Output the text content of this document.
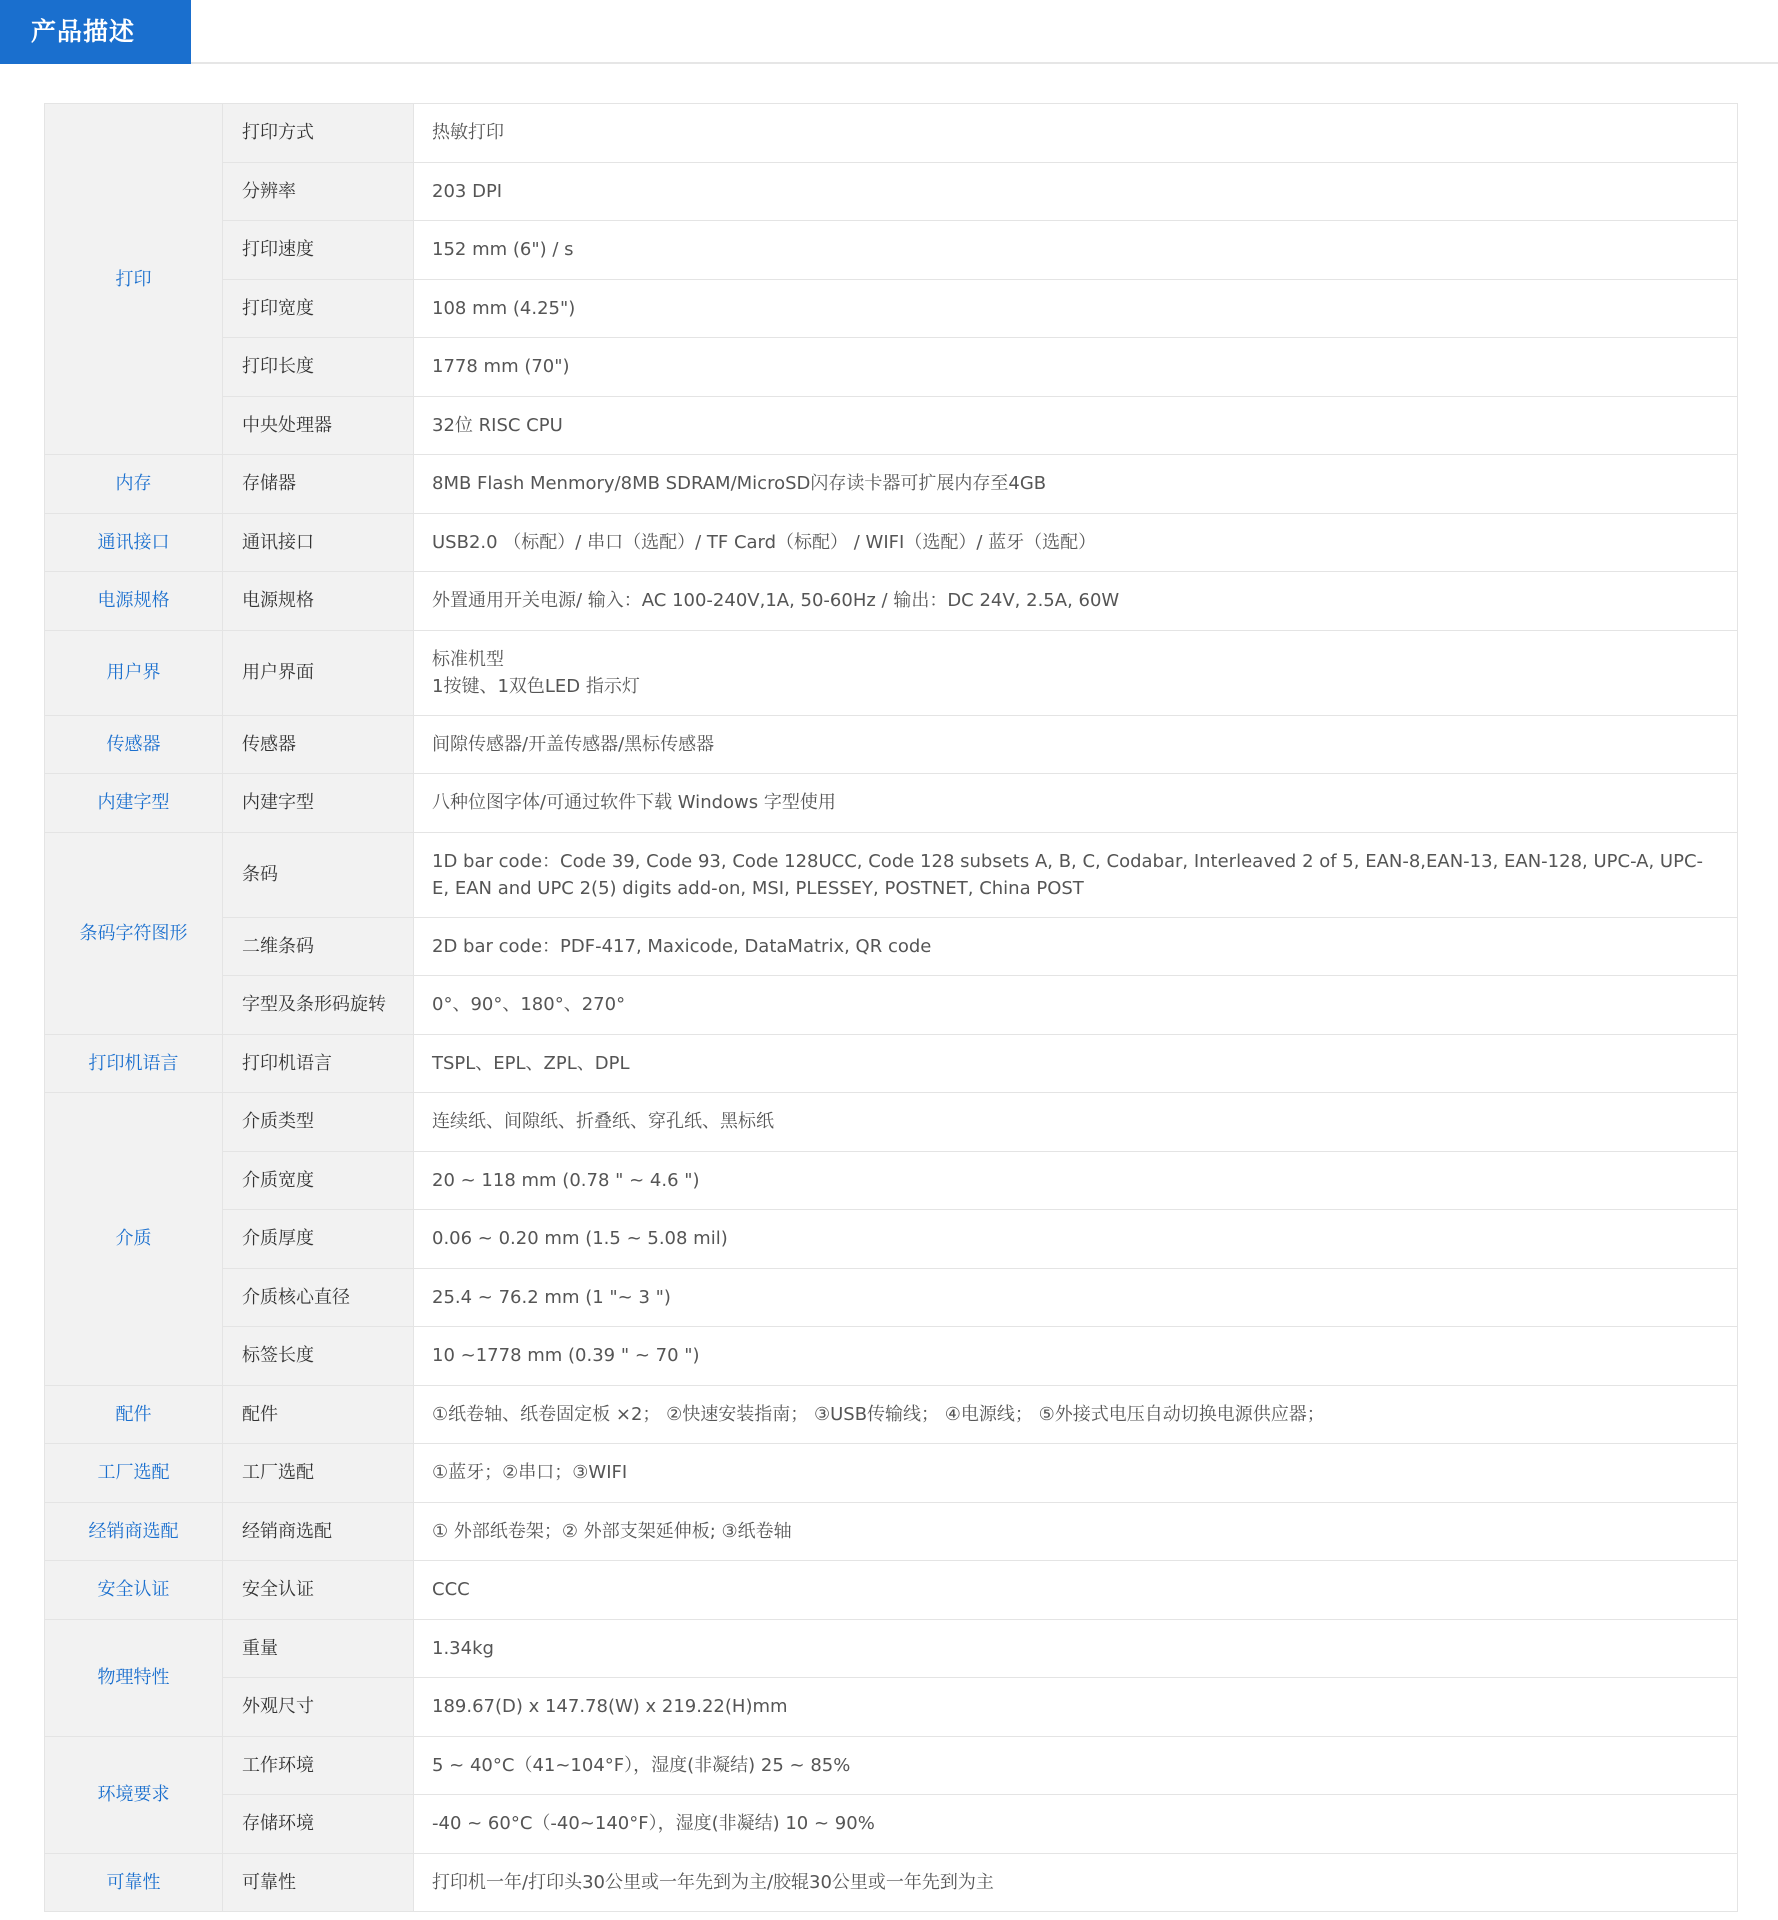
产品描述
打印	打印方式	热敏打印

	分辨率	203 DPI

	打印速度	152 mm (6") / s

	打印宽度	108 mm (4.25")

	打印长度	1778 mm (70")

	中央处理器	32位 RISC CPU

内存	存储器	8MB Flash Menmory/8MB SDRAM/MicroSD闪存读卡器可扩展内存至4GB

通讯接口	通讯接口	USB2.0 （标配）/ 串口（选配）/ TF Card（标配） / WIFI（选配）/ 蓝牙（选配）

电源规格	电源规格	外置通用开关电源/ 输入：AC 100-240V,1A, 50-60Hz / 输出：DC 24V, 2.5A, 60W

用户界	用户界面	标准机型
1按键、1双色LED 指示灯

传感器	传感器	间隙传感器/开盖传感器/黑标传感器

内建字型	内建字型	八种位图字体/可通过软件下载 Windows 字型使用

条码字符图形	条码	1D bar code：Code 39, Code 93, Code 128UCC, Code 128 subsets A, B, C, Codabar, Interleaved 2 of 5, EAN-8,EAN-13, EAN-128, UPC-A, UPC-E, EAN and UPC 2(5) digits add-on, MSI, PLESSEY, POSTNET, China POST

	二维条码	2D bar code：PDF-417, Maxicode, DataMatrix, QR code

	字型及条形码旋转	0°、90°、180°、270°

打印机语言	打印机语言	TSPL、EPL、ZPL、DPL

介质	介质类型	连续纸、间隙纸、折叠纸、穿孔纸、黑标纸

	介质宽度	20 ~ 118 mm (0.78 " ~ 4.6 ")

	介质厚度	0.06 ~ 0.20 mm (1.5 ~ 5.08 mil)

	介质核心直径	25.4 ~ 76.2 mm (1 "~ 3 ")

	标签长度	10 ~1778 mm (0.39 " ~ 70 ")

配件	配件	①纸卷轴、纸卷固定板 ×2； ②快速安装指南； ③USB传输线； ④电源线； ⑤外接式电压自动切换电源供应器；

工厂选配	工厂选配	①蓝牙；②串口；③WIFI

经销商选配	经销商选配	① 外部纸卷架；② 外部支架延伸板; ③纸卷轴

安全认证	安全认证	CCC

物理特性	重量	1.34kg

	外观尺寸	189.67(D) x 147.78(W) x 219.22(H)mm

环境要求	工作环境	5 ~ 40°C（41~104°F），湿度(非凝结) 25 ~ 85%

	存储环境	-40 ~ 60°C（-40~140°F），湿度(非凝结) 10 ~ 90%

可靠性	可靠性	打印机一年/打印头30公里或一年先到为主/胶辊30公里或一年先到为主
